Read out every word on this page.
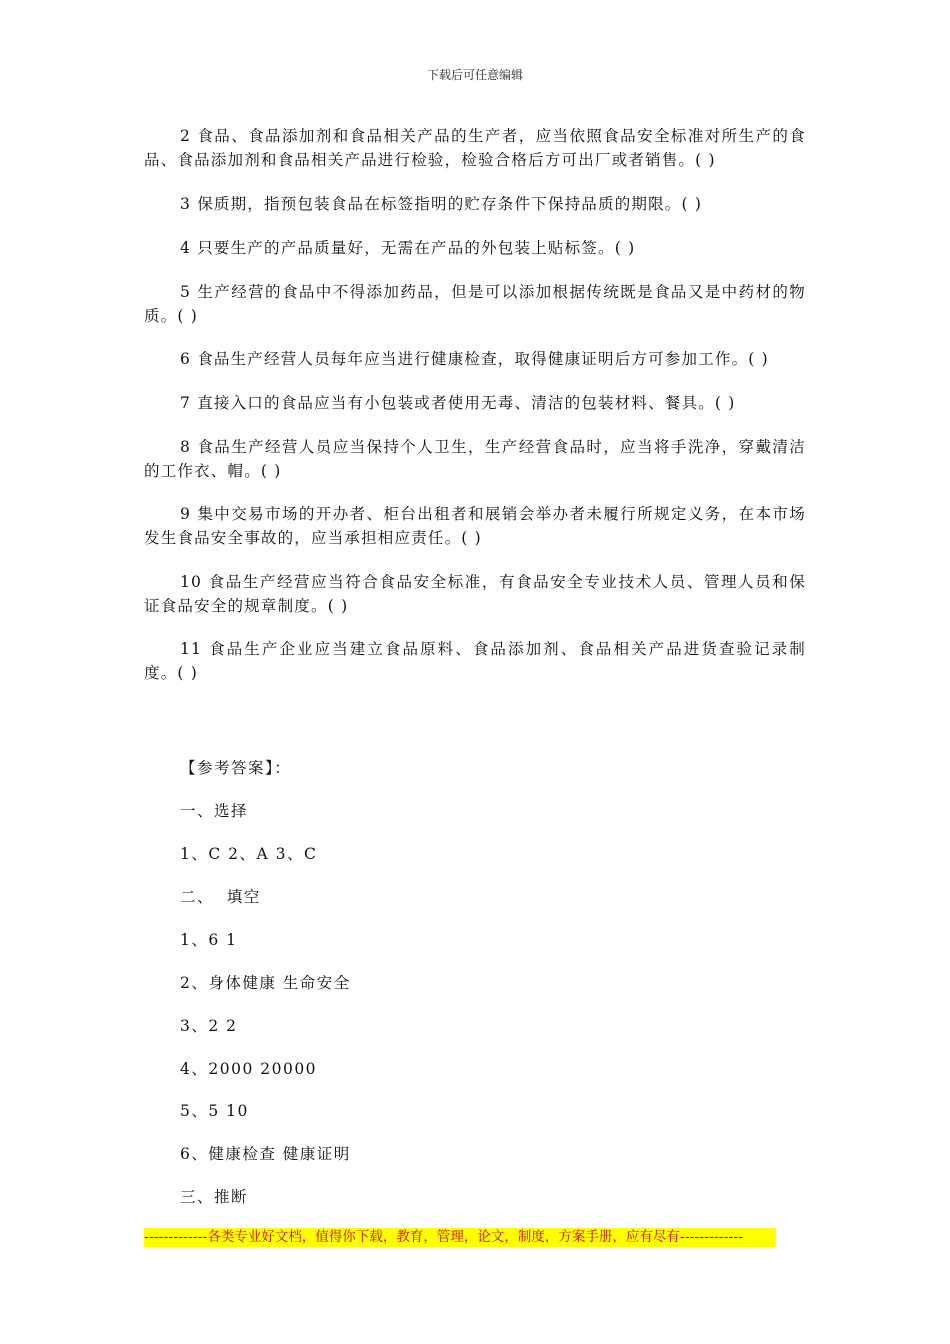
下载后可任意编辑

2 食品、食品添加剂和食品相关产品的生产者，应当依照食品安全标准对所生产的食品、食品添加剂和食品相关产品进行检验，检验合格后方可出厂或者销售。( )

3 保质期，指预包装食品在标签指明的贮存条件下保持品质的期限。( )

4 只要生产的产品质量好，无需在产品的外包装上贴标签。( )

5 生产经营的食品中不得添加药品，但是可以添加根据传统既是食品又是中药材的物质。( )

6 食品生产经营人员每年应当进行健康检查，取得健康证明后方可参加工作。( )

7 直接入口的食品应当有小包装或者使用无毒、清洁的包装材料、餐具。( )

8 食品生产经营人员应当保持个人卫生，生产经营食品时，应当将手洗净，穿戴清洁的工作衣、帽。( )

9 集中交易市场的开办者、柜台出租者和展销会举办者未履行所规定义务，在本市场发生食品安全事故的，应当承担相应责任。( )

10 食品生产经营应当符合食品安全标准，有食品安全专业技术人员、管理人员和保证食品安全的规章制度。( )

11 食品生产企业应当建立食品原料、食品添加剂、食品相关产品进货查验记录制度。( )

【参考答案】：
一、选择
1、C 2、A 3、C
二、  填空
1、6 1
2、身体健康 生命安全
3、2 2
4、2000 20000
5、5 10
6、健康检查 健康证明
三、推断
-------------各类专业好文档，值得你下载，教育，管理，论文，制度，方案手册，应有尽有-------------
